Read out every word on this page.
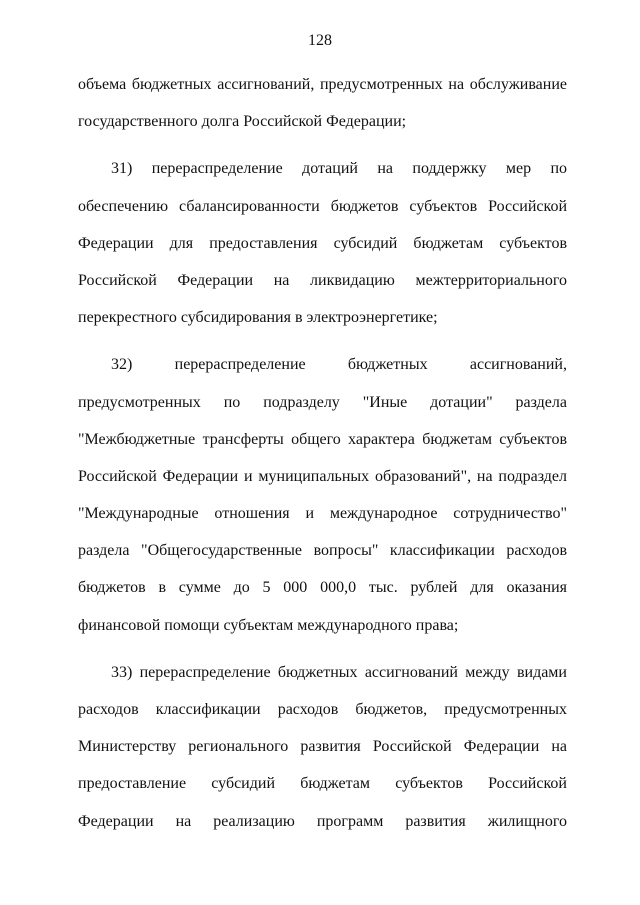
128
объема бюджетных ассигнований, предусмотренных на обслуживание
государственного долга Российской Федерации;
31) перераспределение дотаций на поддержку мер по
обеспечению сбалансированности бюджетов субъектов Российской
Федерации для предоставления субсидий бюджетам субъектов
Российской Федерации на ликвидацию межтерриториального
перекрестного субсидирования в электроэнергетике;
32) перераспределение бюджетных ассигнований,
предусмотренных по подразделу "Иные дотации" раздела
"Межбюджетные трансферты общего характера бюджетам субъектов
Российской Федерации и муниципальных образований", на подраздел
"Международные отношения и международное сотрудничество"
раздела "Общегосударственные вопросы" классификации расходов
бюджетов в сумме до 5 000 000,0 тыс. рублей для оказания
финансовой помощи субъектам международного права;
33) перераспределение бюджетных ассигнований между видами
расходов классификации расходов бюджетов, предусмотренных
Министерству регионального развития Российской Федерации на
предоставление субсидий бюджетам субъектов Российской
Федерации на реализацию программ развития жилищного
